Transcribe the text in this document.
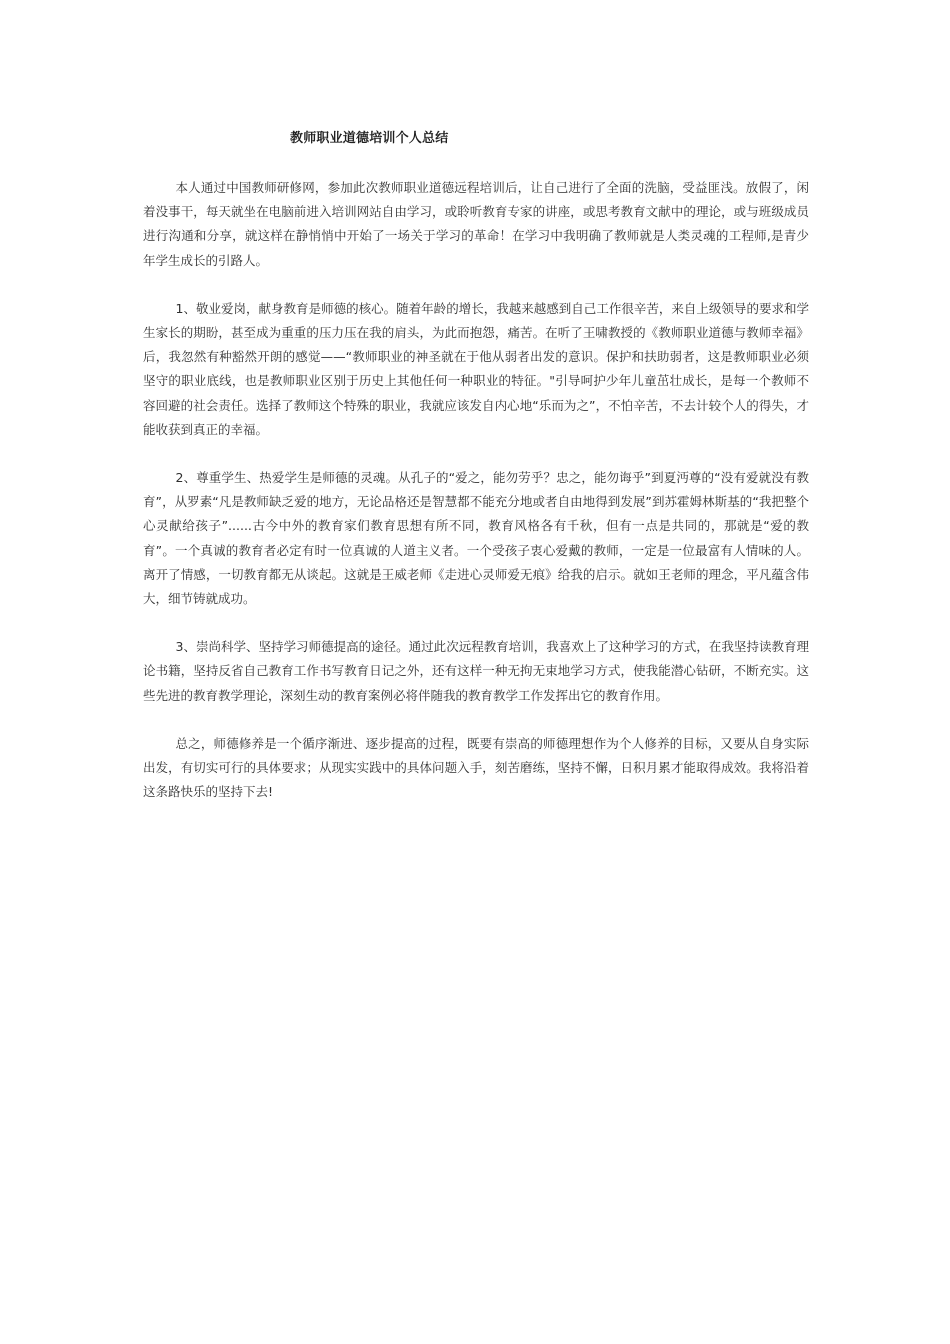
教师职业道德培训个人总结

本人通过中国教师研修网，参加此次教师职业道德远程培训后，让自己进行了全面的洗脑，受益匪浅。放假了，闲着没事干，每天就坐在电脑前进入培训网站自由学习，或聆听教育专家的讲座，或思考教育文献中的理论，或与班级成员进行沟通和分享，就这样在静悄悄中开始了一场关于学习的革命！在学习中我明确了教师就是人类灵魂的工程师,是青少年学生成长的引路人。

1、敬业爱岗，献身教育是师德的核心。随着年龄的增长，我越来越感到自己工作很辛苦，来自上级领导的要求和学生家长的期盼，甚至成为重重的压力压在我的肩头，为此而抱怨，痛苦。在听了王啸教授的《教师职业道德与教师幸福》后，我忽然有种豁然开朗的感觉——“教师职业的神圣就在于他从弱者出发的意识。保护和扶助弱者，这是教师职业必须坚守的职业底线，也是教师职业区别于历史上其他任何一种职业的特征。"引导呵护少年儿童茁壮成长，是每一个教师不容回避的社会责任。选择了教师这个特殊的职业，我就应该发自内心地“乐而为之”，不怕辛苦，不去计较个人的得失，才能收获到真正的幸福。

2、尊重学生、热爱学生是师德的灵魂。从孔子的“爱之，能勿劳乎？忠之，能勿诲乎”到夏沔尊的“没有爱就没有教育”，从罗素“凡是教师缺乏爱的地方，无论品格还是智慧都不能充分地或者自由地得到发展”到苏霍姆林斯基的“我把整个心灵献给孩子”......古今中外的教育家们教育思想有所不同，教育风格各有千秋，但有一点是共同的，那就是“爱的教育”。一个真诚的教育者必定有时一位真诚的人道主义者。一个受孩子衷心爱戴的教师，一定是一位最富有人情味的人。离开了情感，一切教育都无从谈起。这就是王威老师《走进心灵师爱无痕》给我的启示。就如王老师的理念，平凡蕴含伟大，细节铸就成功。

3、崇尚科学、坚持学习师德提高的途径。通过此次远程教育培训，我喜欢上了这种学习的方式，在我坚持读教育理论书籍，坚持反省自己教育工作书写教育日记之外，还有这样一种无拘无束地学习方式，使我能潜心钻研，不断充实。这些先进的教育教学理论，深刻生动的教育案例必将伴随我的教育教学工作发挥出它的教育作用。

总之，师德修养是一个循序渐进、逐步提高的过程，既要有崇高的师德理想作为个人修养的目标，又要从自身实际出发，有切实可行的具体要求；从现实实践中的具体问题入手，刻苦磨练，坚持不懈，日积月累才能取得成效。我将沿着这条路快乐的坚持下去!
